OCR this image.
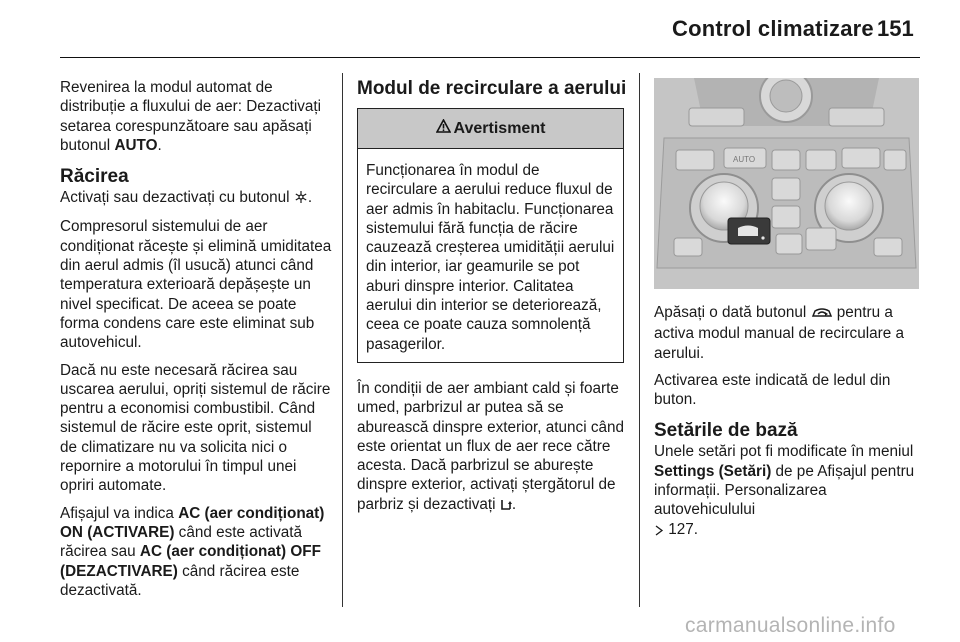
Control climatizare 151

Revenirea la modul automat de distribuție a fluxului de aer: Dezactivați setarea corespunzătoare sau apăsați butonul AUTO.

Răcirea

Activați sau dezactivați cu butonul .

Compresorul sistemului de aer condiționat răcește și elimină umiditatea din aerul admis (îl usucă) atunci când temperatura exterioară depășește un nivel specificat. De aceea se poate forma condens care este eliminat sub autovehicul.

Dacă nu este necesară răcirea sau uscarea aerului, opriți sistemul de răcire pentru a economisi combustibil. Când sistemul de răcire este oprit, sistemul de climatizare nu va solicita nici o repornire a motorului în timpul unei opriri automate.

Afișajul va indica AC (aer condiționat) ON (ACTIVARE) când este activată răcirea sau AC (aer condiționat) OFF (DEZACTIVARE) când răcirea este dezactivată.

Modul de recirculare a aerului
Avertisment

Funcționarea în modul de recirculare a aerului reduce fluxul de aer admis în habitaclu. Funcționarea sistemului fără funcția de răcire cauzează creșterea umidității aerului din interior, iar geamurile se pot aburi dinspre interior. Calitatea aerului din interior se deteriorează, ceea ce poate cauza somnolență pasagerilor.

În condiții de aer ambiant cald și foarte umed, parbrizul ar putea să se aburească dinspre exterior, atunci când este orientat un flux de aer rece către acesta. Dacă parbrizul se aburește dinspre exterior, activați ștergătorul de parbriz și dezactivați .

AUTO

Apăsați o dată butonul  pentru a activa modul manual de recirculare a aerului.

Activarea este indicată de ledul din buton.

Setările de bază

Unele setări pot fi modificate în meniul Settings (Setări) de pe Afișajul pentru informații. Personalizarea autovehiculului
127.

carmanualsonline.info
